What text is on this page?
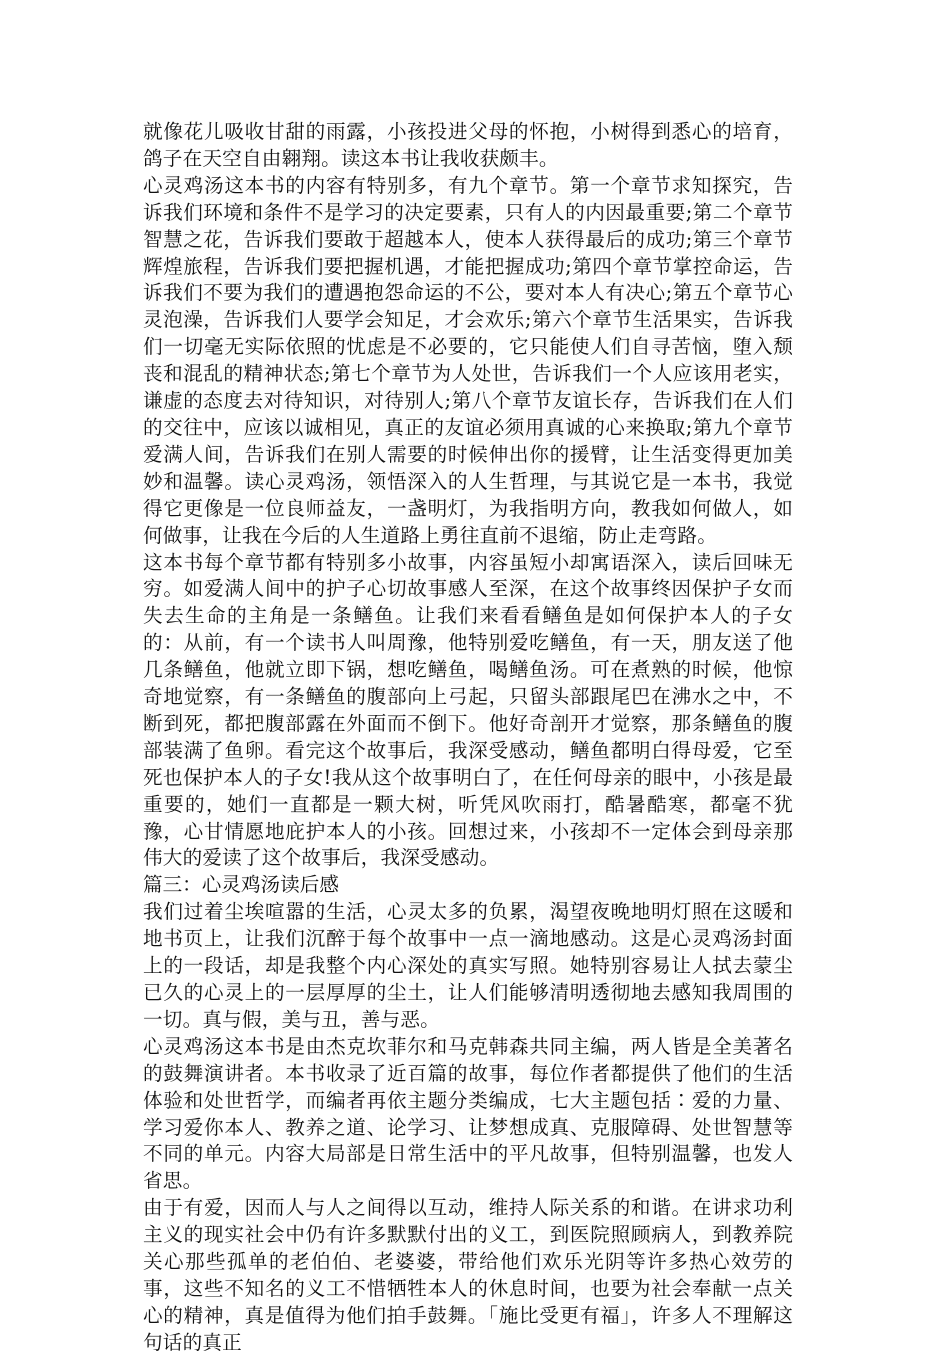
就像花儿吸收甘甜的雨露，小孩投进父母的怀抱，小树得到悉心的培育，鸽子在天空自由翱翔。读这本书让我收获颇丰。

心灵鸡汤这本书的内容有特别多，有九个章节。第一个章节求知探究，告诉我们环境和条件不是学习的决定要素，只有人的内因最重要;第二个章节智慧之花，告诉我们要敢于超越本人，使本人获得最后的成功;第三个章节辉煌旅程，告诉我们要把握机遇，才能把握成功;第四个章节掌控命运，告诉我们不要为我们的遭遇抱怨命运的不公，要对本人有决心;第五个章节心灵泡澡，告诉我们人要学会知足，才会欢乐;第六个章节生活果实，告诉我们一切毫无实际依照的忧虑是不必要的，它只能使人们自寻苦恼，堕入颓丧和混乱的精神状态;第七个章节为人处世，告诉我们一个人应该用老实，谦虚的态度去对待知识，对待别人;第八个章节友谊长存，告诉我们在人们的交往中，应该以诚相见，真正的友谊必须用真诚的心来换取;第九个章节爱满人间，告诉我们在别人需要的时候伸出你的援臂，让生活变得更加美妙和温馨。读心灵鸡汤，领悟深入的人生哲理，与其说它是一本书，我觉得它更像是一位良师益友，一盏明灯，为我指明方向，教我如何做人，如何做事，让我在今后的人生道路上勇往直前不退缩，防止走弯路。

这本书每个章节都有特别多小故事，内容虽短小却寓语深入，读后回味无穷。如爱满人间中的护子心切故事感人至深，在这个故事终因保护子女而失去生命的主角是一条鳝鱼。让我们来看看鳝鱼是如何保护本人的子女的：从前，有一个读书人叫周豫，他特别爱吃鳝鱼，有一天，朋友送了他几条鳝鱼，他就立即下锅，想吃鳝鱼，喝鳝鱼汤。可在煮熟的时候，他惊奇地觉察，有一条鳝鱼的腹部向上弓起，只留头部跟尾巴在沸水之中，不断到死，都把腹部露在外面而不倒下。他好奇剖开才觉察，那条鳝鱼的腹部装满了鱼卵。看完这个故事后，我深受感动，鳝鱼都明白得母爱，它至死也保护本人的子女!我从这个故事明白了，在任何母亲的眼中，小孩是最重要的，她们一直都是一颗大树，听凭风吹雨打，酷暑酷寒，都毫不犹豫，心甘情愿地庇护本人的小孩。回想过来，小孩却不一定体会到母亲那伟大的爱读了这个故事后，我深受感动。

篇三：心灵鸡汤读后感

我们过着尘埃喧嚣的生活，心灵太多的负累，渴望夜晚地明灯照在这暖和地书页上，让我们沉醉于每个故事中一点一滴地感动。这是心灵鸡汤封面上的一段话，却是我整个内心深处的真实写照。她特别容易让人拭去蒙尘已久的心灵上的一层厚厚的尘土，让人们能够清明透彻地去感知我周围的一切。真与假，美与丑，善与恶。

心灵鸡汤这本书是由杰克坎菲尔和马克韩森共同主编，两人皆是全美著名的鼓舞演讲者。本书收录了近百篇的故事，每位作者都提供了他们的生活体验和处世哲学，而编者再依主题分类编成，七大主题包括∶爱的力量、学习爱你本人、教养之道、论学习、让梦想成真、克服障碍、处世智慧等不同的单元。内容大局部是日常生活中的平凡故事，但特别温馨，也发人省思。

由于有爱，因而人与人之间得以互动，维持人际关系的和谐。在讲求功利主义的现实社会中仍有许多默默付出的义工，到医院照顾病人，到教养院关心那些孤单的老伯伯、老婆婆，带给他们欢乐光阴等许多热心效劳的事，这些不知名的义工不惜牺牲本人的休息时间，也要为社会奉献一点关心的精神，真是值得为他们拍手鼓舞。「施比受更有福」，许多人不理解这句话的真正
